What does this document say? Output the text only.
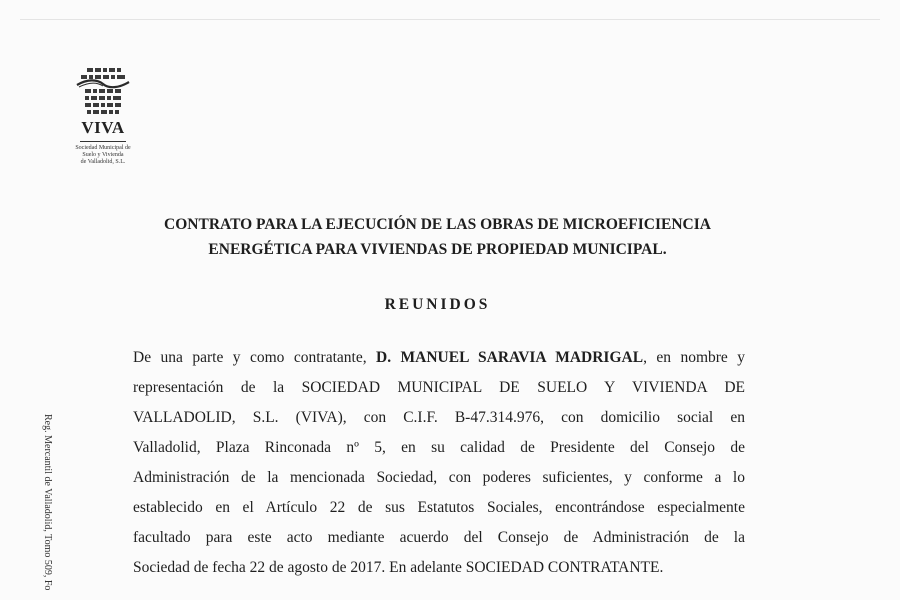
VIVA
Sociedad Municipal de
Suelo y Vivienda
de Valladolid, S.L.
CONTRATO PARA LA EJECUCIÓN DE LAS OBRAS DE MICROEFICIENCIA
ENERGÉTICA PARA VIVIENDAS DE PROPIEDAD MUNICIPAL.
REUNIDOS
De una parte y como contratante, D. MANUEL SARAVIA MADRIGAL, en nombre y
representación de la SOCIEDAD MUNICIPAL DE SUELO Y VIVIENDA DE
VALLADOLID, S.L. (VIVA), con C.I.F. B-47.314.976, con domicilio social en
Valladolid, Plaza Rinconada nº 5, en su calidad de Presidente del Consejo de
Administración de la mencionada Sociedad, con poderes suficientes, y conforme a lo
establecido en el Artículo 22 de sus Estatutos Sociales, encontrándose especialmente
facultado para este acto mediante acuerdo del Consejo de Administración de la
Sociedad de fecha 22 de agosto de 2017. En adelante SOCIEDAD CONTRATANTE.
Reg. Mercantil de Valladolid, Tomo 509, Fo
